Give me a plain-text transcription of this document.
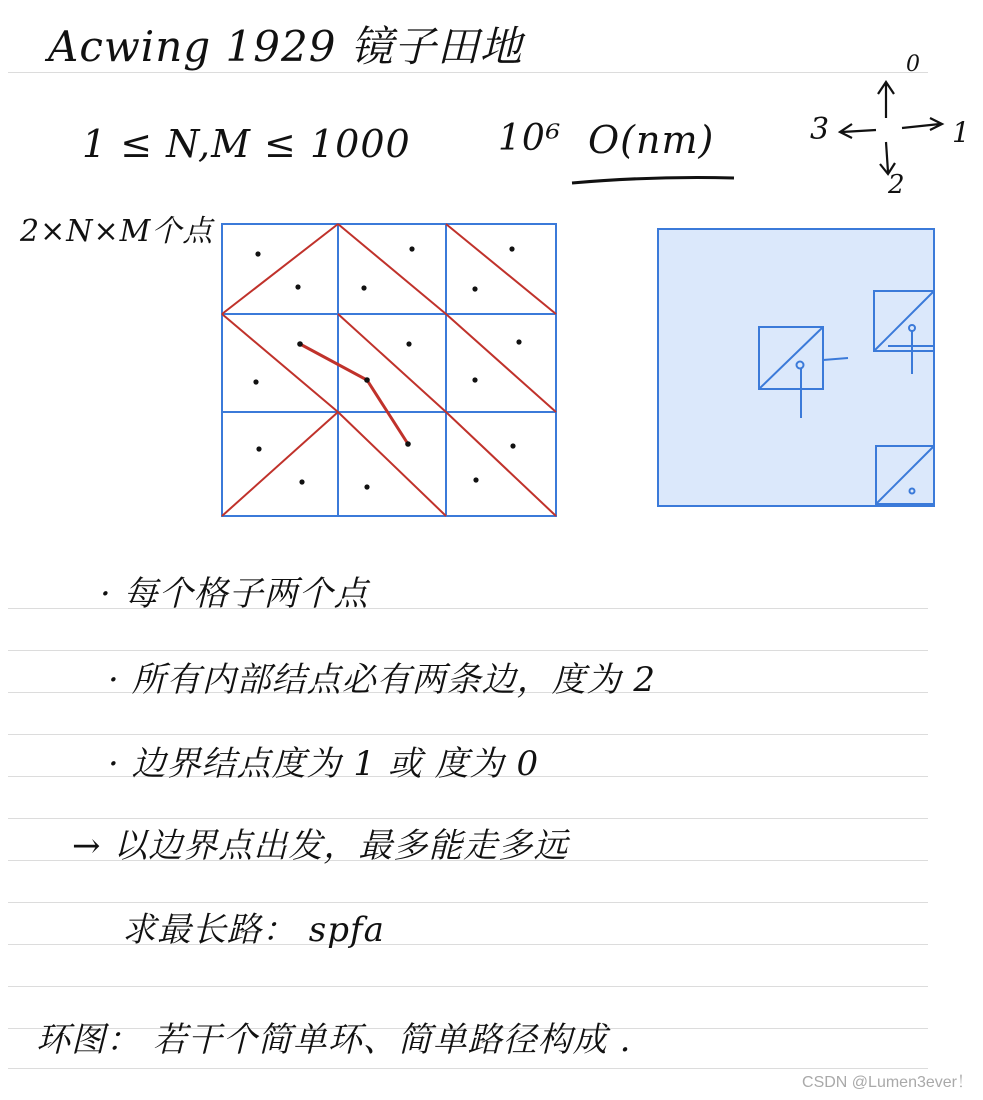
Acwing 1929 镜子田地
1 ≤ N,M ≤ 1000 10⁶ O(nm)
2×N×M个点
0
1
2
3
· 每个格子两个点
· 所有内部结点必有两条边，度为 2
· 边界结点度为 1 或 度为 0
→ 以边界点出发，最多能走多远
求最长路： spfa
环图： 若干个简单环、简单路径构成 .
CSDN @Lumen3ever！
